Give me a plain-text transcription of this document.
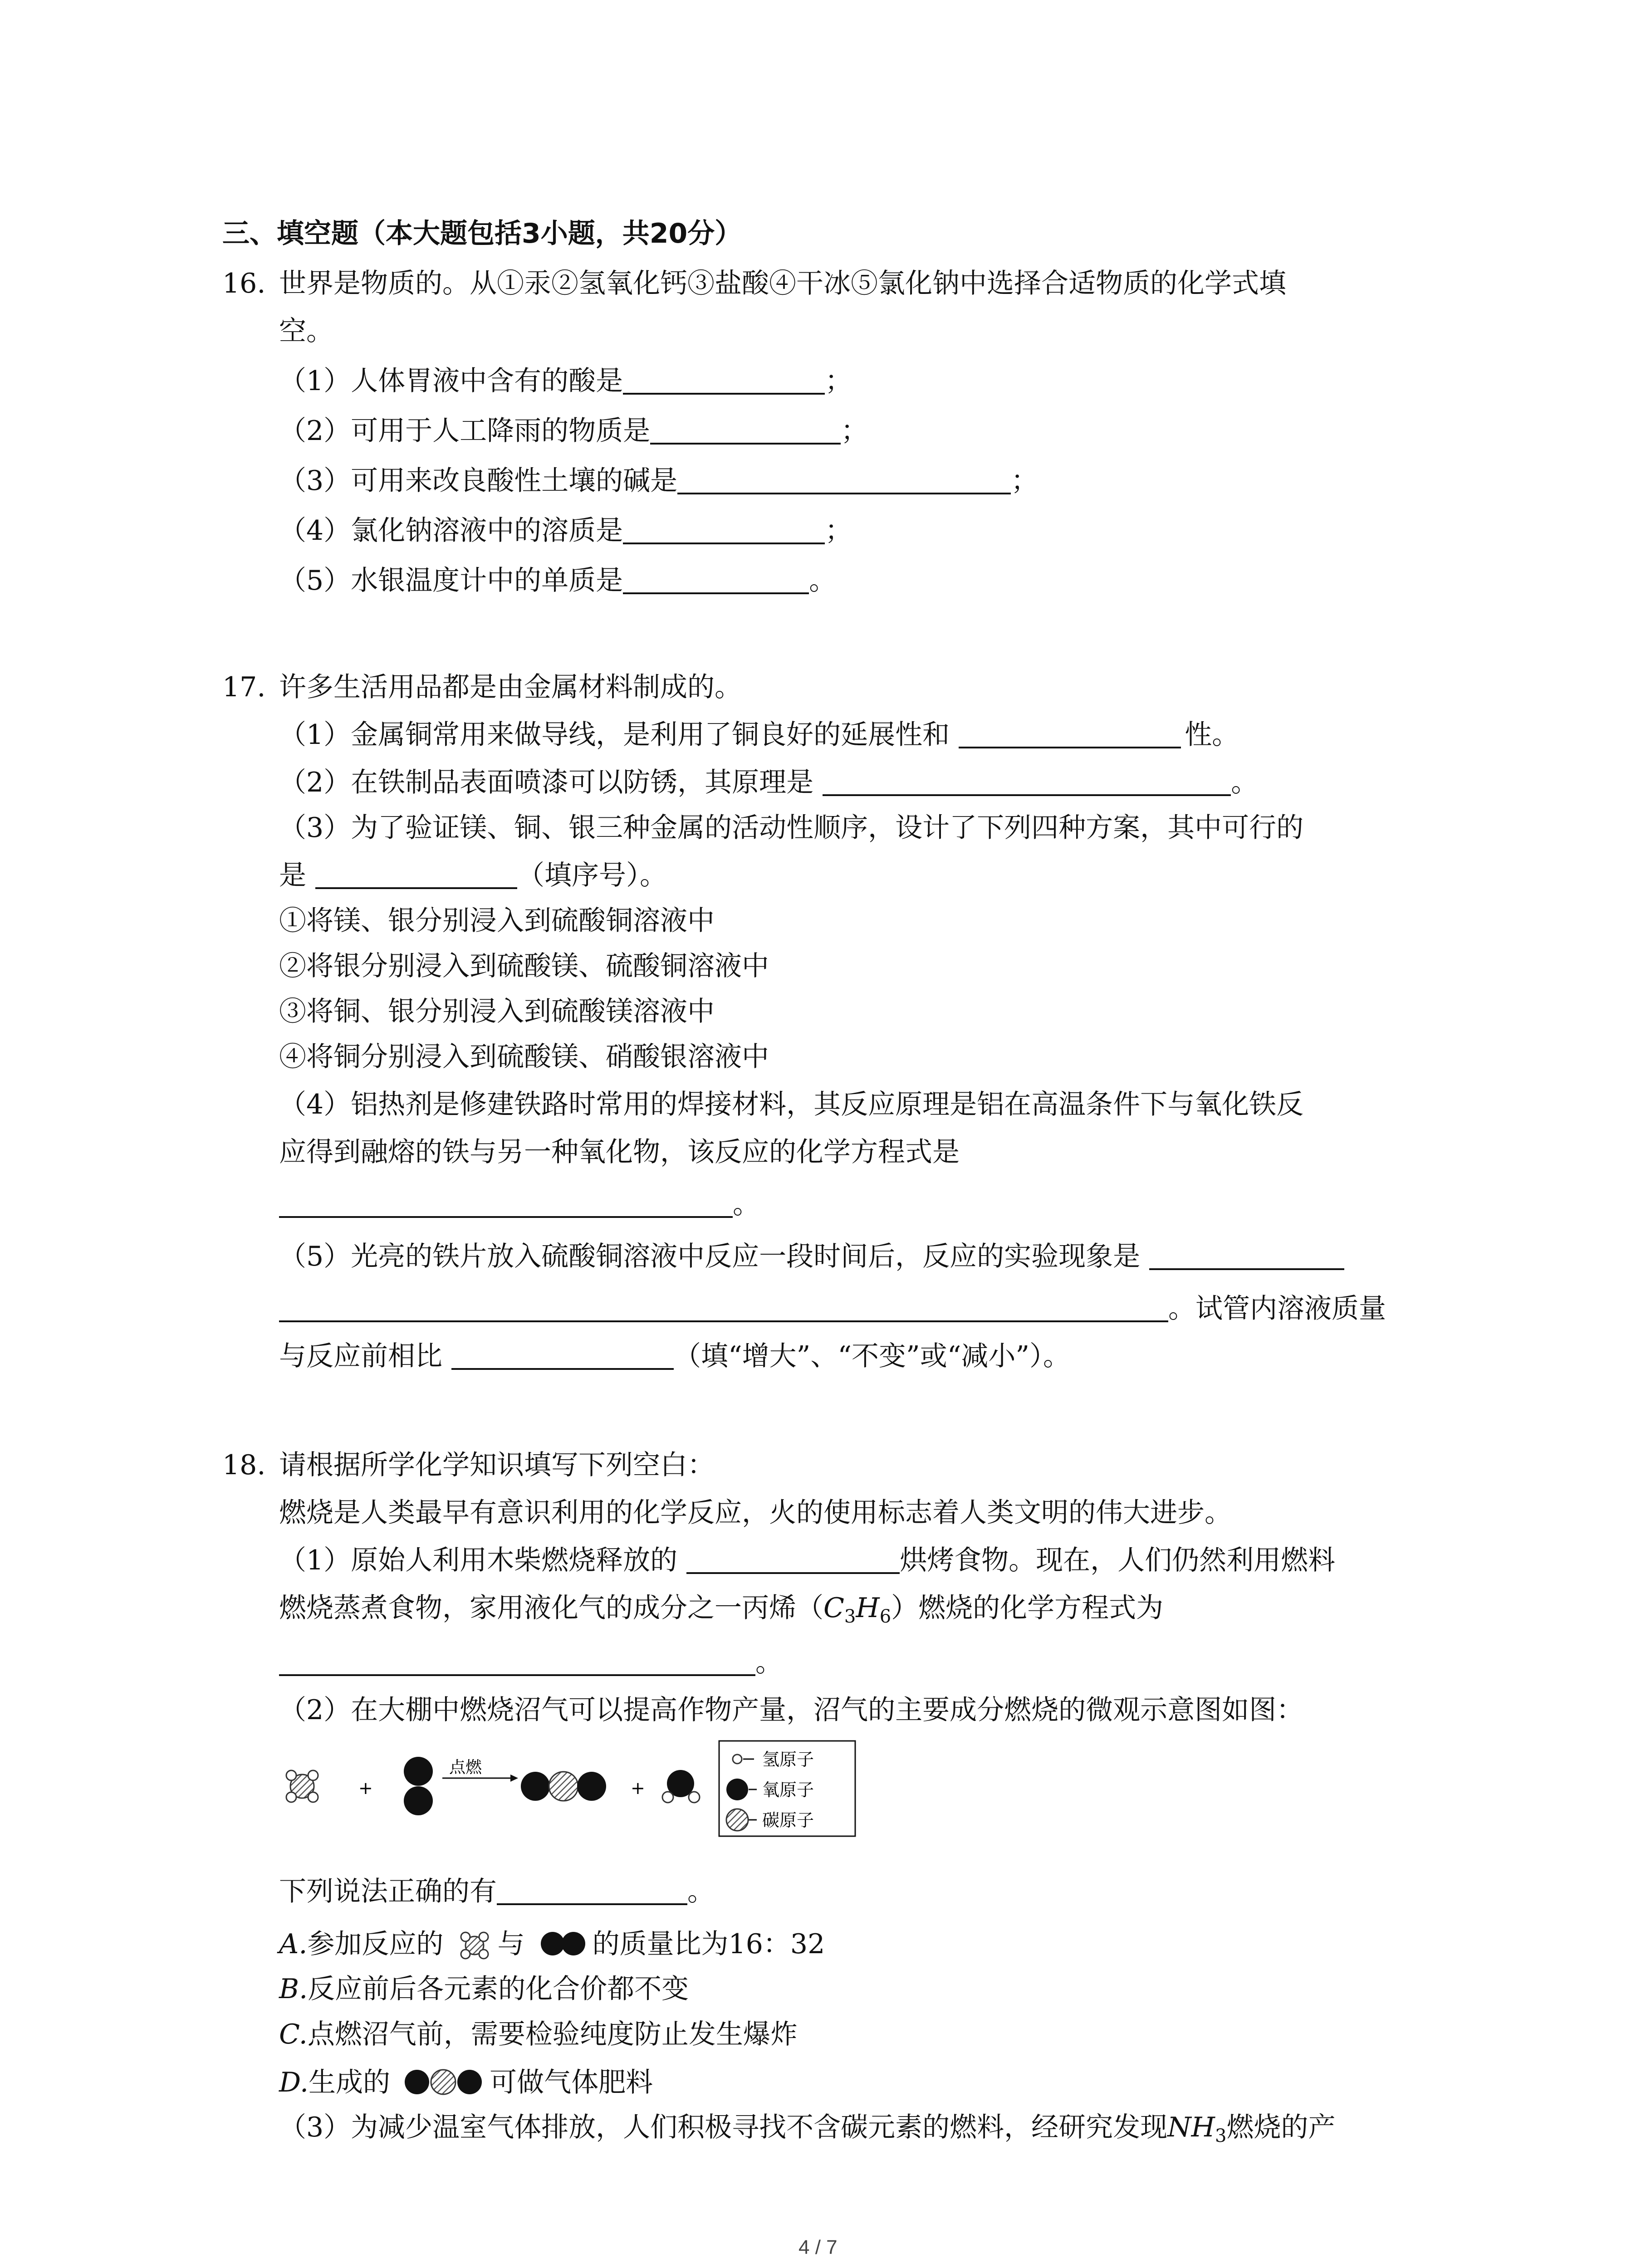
三、填空题（本大题包括3小题，共20分）
16. 世界是物质的。从①汞②氢氧化钙③盐酸④干冰⑤氯化钠中选择合适物质的化学式填
空。
（1）人体胃液中含有的酸是	；
（2）可用于人工降雨的物质是	；
（3）可用来改良酸性土壤的碱是	；
（4）氯化钠溶液中的溶质是	；
（5）水银温度计中的单质是	。
17. 许多生活用品都是由金属材料制成的。
（1）金属铜常用来做导线，是利用了铜良好的延展性和	性。
（2）在铁制品表面喷漆可以防锈，其原理是	。
（3）为了验证镁、铜、银三种金属的活动性顺序，设计了下列四种方案，其中可行的
是	（填序号）。
①将镁、银分别浸入到硫酸铜溶液中
②将银分别浸入到硫酸镁、硫酸铜溶液中
③将铜、银分别浸入到硫酸镁溶液中
④将铜分别浸入到硫酸镁、硝酸银溶液中
（4）铝热剂是修建铁路时常用的焊接材料，其反应原理是铝在高温条件下与氧化铁反
应得到融熔的铁与另一种氧化物，该反应的化学方程式是
。
（5）光亮的铁片放入硫酸铜溶液中反应一段时间后，反应的实验现象是
。试管内溶液质量
与反应前相比	（填“增大”、“不变”或“减小”）。
18. 请根据所学化学知识填写下列空白：
燃烧是人类最早有意识利用的化学反应，火的使用标志着人类文明的伟大进步。
（1）原始人利用木柴燃烧释放的	烘烤食物。现在，人们仍然利用燃料
燃烧蒸煮食物，家用液化气的成分之一丙烯$(C_3H_6)$燃烧的化学方程式为
。
（2）在大棚中燃烧沼气可以提高作物产量，沼气的主要成分燃烧的微观示意图如图：
+
点燃
+
氢原子
氧原子
碳原子
下列说法正确的有	。
A.参加反应的 与 的质量比为16：32
B.反应前后各元素的化合价都不变
C.点燃沼气前，需要检验纯度防止发生爆炸
D.生成的	可做气体肥料
（3）为减少温室气体排放，人们积极寻找不含碳元素的燃料，经研究发现$NH_3$燃烧的产
4 / 7
